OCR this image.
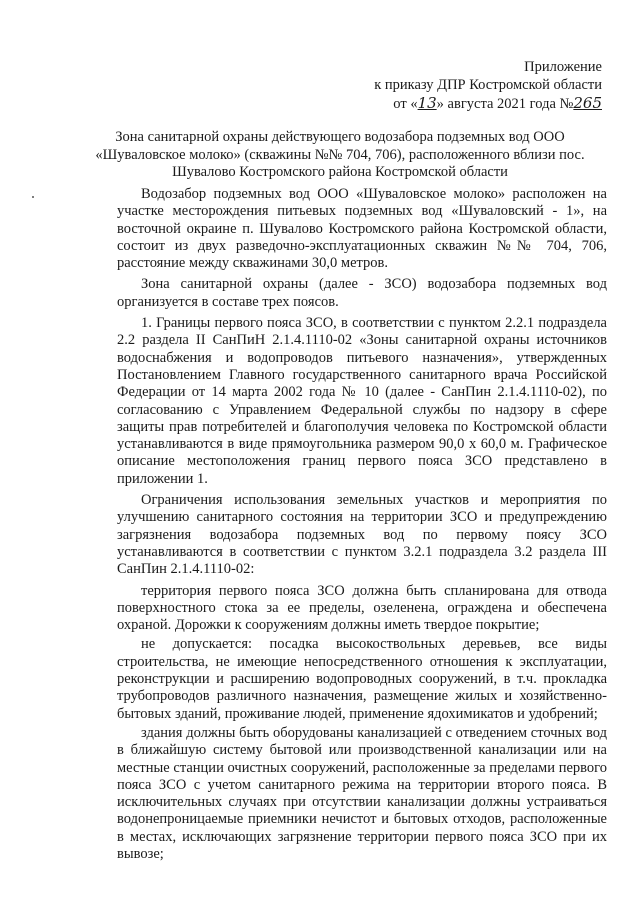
Приложение
к приказу ДПР Костромской области
от «13» августа 2021 года №265
Зона санитарной охраны действующего водозабора подземных вод ООО «Шуваловское молоко» (скважины №№ 704, 706), расположенного вблизи пос. Шувалово Костромского района Костромской области

Водозабор подземных вод ООО «Шуваловское молоко» расположен на участке месторождения питьевых подземных вод «Шуваловский - 1», на восточной окраине п. Шувалово Костромского района Костромской области, состоит из двух разведочно-эксплуатационных скважин №№ 704, 706, расстояние между скважинами 30,0 метров.

Зона санитарной охраны (далее - ЗСО) водозабора подземных вод организуется в составе трех поясов.

1. Границы первого пояса ЗСО, в соответствии с пунктом 2.2.1 подраздела 2.2 раздела II СанПиН 2.1.4.1110-02 «Зоны санитарной охраны источников водоснабжения и водопроводов питьевого назначения», утвержденных Постановлением Главного государственного санитарного врача Российской Федерации от 14 марта 2002 года № 10 (далее - СанПин 2.1.4.1110-02), по согласованию с Управлением Федеральной службы по надзору в сфере защиты прав потребителей и благополучия человека по Костромской области устанавливаются в виде прямоугольника размером 90,0 х 60,0 м. Графическое описание местоположения границ первого пояса ЗСО представлено в приложении 1.

Ограничения использования земельных участков и мероприятия по улучшению санитарного состояния на территории ЗСО и предупреждению загрязнения водозабора подземных вод по первому поясу ЗСО устанавливаются в соответствии с пунктом 3.2.1 подраздела 3.2 раздела III СанПин 2.1.4.1110-02:

территория первого пояса ЗСО должна быть спланирована для отвода поверхностного стока за ее пределы, озеленена, ограждена и обеспечена охраной. Дорожки к сооружениям должны иметь твердое покрытие;

не допускается: посадка высокоствольных деревьев, все виды строительства, не имеющие непосредственного отношения к эксплуатации, реконструкции и расширению водопроводных сооружений, в т.ч. прокладка трубопроводов различного назначения, размещение жилых и хозяйственно-бытовых зданий, проживание людей, применение ядохимикатов и удобрений;

здания должны быть оборудованы канализацией с отведением сточных вод в ближайшую систему бытовой или производственной канализации или на местные станции очистных сооружений, расположенные за пределами первого пояса ЗСО с учетом санитарного режима на территории второго пояса. В исключительных случаях при отсутствии канализации должны устраиваться водонепроницаемые приемники нечистот и бытовых отходов, расположенные в местах, исключающих загрязнение территории первого пояса ЗСО при их вывозе;
